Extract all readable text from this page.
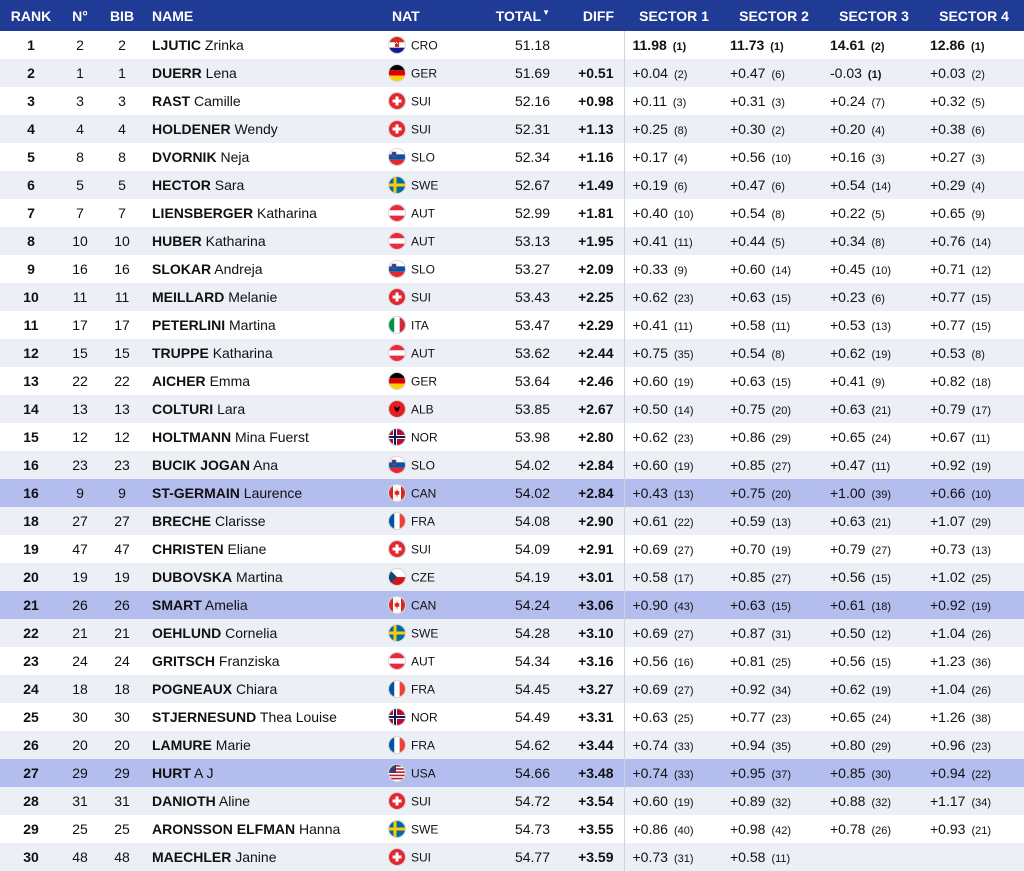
RANK	N°	BIB	NAME	NAT	TOTAL▼	DIFF	SECTOR 1	SECTOR 2	SECTOR 3	SECTOR 4
1	2	2	LJUTIC Zrinka	CRO	51.18		11.98 (1)	11.73 (1)	14.61 (2)	12.86 (1)
2	1	1	DUERR Lena	GER	51.69	+0.51	+0.04 (2)	+0.47 (6)	-0.03 (1)	+0.03 (2)
3	3	3	RAST Camille	SUI	52.16	+0.98	+0.11 (3)	+0.31 (3)	+0.24 (7)	+0.32 (5)
4	4	4	HOLDENER Wendy	SUI	52.31	+1.13	+0.25 (8)	+0.30 (2)	+0.20 (4)	+0.38 (6)
5	8	8	DVORNIK Neja	SLO	52.34	+1.16	+0.17 (4)	+0.56 (10)	+0.16 (3)	+0.27 (3)
6	5	5	HECTOR Sara	SWE	52.67	+1.49	+0.19 (6)	+0.47 (6)	+0.54 (14)	+0.29 (4)
7	7	7	LIENSBERGER Katharina	AUT	52.99	+1.81	+0.40 (10)	+0.54 (8)	+0.22 (5)	+0.65 (9)
8	10	10	HUBER Katharina	AUT	53.13	+1.95	+0.41 (11)	+0.44 (5)	+0.34 (8)	+0.76 (14)
9	16	16	SLOKAR Andreja	SLO	53.27	+2.09	+0.33 (9)	+0.60 (14)	+0.45 (10)	+0.71 (12)
10	11	11	MEILLARD Melanie	SUI	53.43	+2.25	+0.62 (23)	+0.63 (15)	+0.23 (6)	+0.77 (15)
11	17	17	PETERLINI Martina	ITA	53.47	+2.29	+0.41 (11)	+0.58 (11)	+0.53 (13)	+0.77 (15)
12	15	15	TRUPPE Katharina	AUT	53.62	+2.44	+0.75 (35)	+0.54 (8)	+0.62 (19)	+0.53 (8)
13	22	22	AICHER Emma	GER	53.64	+2.46	+0.60 (19)	+0.63 (15)	+0.41 (9)	+0.82 (18)
14	13	13	COLTURI Lara	ALB	53.85	+2.67	+0.50 (14)	+0.75 (20)	+0.63 (21)	+0.79 (17)
15	12	12	HOLTMANN Mina Fuerst	NOR	53.98	+2.80	+0.62 (23)	+0.86 (29)	+0.65 (24)	+0.67 (11)
16	23	23	BUCIK JOGAN Ana	SLO	54.02	+2.84	+0.60 (19)	+0.85 (27)	+0.47 (11)	+0.92 (19)
16	9	9	ST-GERMAIN Laurence	CAN	54.02	+2.84	+0.43 (13)	+0.75 (20)	+1.00 (39)	+0.66 (10)
18	27	27	BRECHE Clarisse	FRA	54.08	+2.90	+0.61 (22)	+0.59 (13)	+0.63 (21)	+1.07 (29)
19	47	47	CHRISTEN Eliane	SUI	54.09	+2.91	+0.69 (27)	+0.70 (19)	+0.79 (27)	+0.73 (13)
20	19	19	DUBOVSKA Martina	CZE	54.19	+3.01	+0.58 (17)	+0.85 (27)	+0.56 (15)	+1.02 (25)
21	26	26	SMART Amelia	CAN	54.24	+3.06	+0.90 (43)	+0.63 (15)	+0.61 (18)	+0.92 (19)
22	21	21	OEHLUND Cornelia	SWE	54.28	+3.10	+0.69 (27)	+0.87 (31)	+0.50 (12)	+1.04 (26)
23	24	24	GRITSCH Franziska	AUT	54.34	+3.16	+0.56 (16)	+0.81 (25)	+0.56 (15)	+1.23 (36)
24	18	18	POGNEAUX Chiara	FRA	54.45	+3.27	+0.69 (27)	+0.92 (34)	+0.62 (19)	+1.04 (26)
25	30	30	STJERNESUND Thea Louise	NOR	54.49	+3.31	+0.63 (25)	+0.77 (23)	+0.65 (24)	+1.26 (38)
26	20	20	LAMURE Marie	FRA	54.62	+3.44	+0.74 (33)	+0.94 (35)	+0.80 (29)	+0.96 (23)
27	29	29	HURT A J	USA	54.66	+3.48	+0.74 (33)	+0.95 (37)	+0.85 (30)	+0.94 (22)
28	31	31	DANIOTH Aline	SUI	54.72	+3.54	+0.60 (19)	+0.89 (32)	+0.88 (32)	+1.17 (34)
29	25	25	ARONSSON ELFMAN Hanna	SWE	54.73	+3.55	+0.86 (40)	+0.98 (42)	+0.78 (26)	+0.93 (21)
30	48	48	MAECHLER Janine	SUI	54.77	+3.59	+0.73 (31)	+0.58 (11)		
